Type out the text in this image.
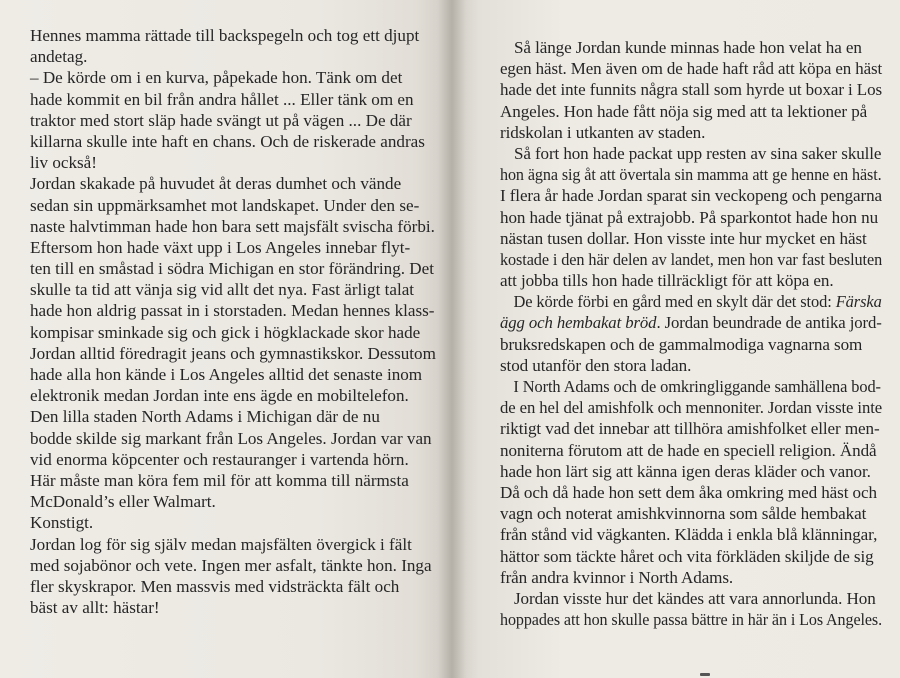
Hennes mamma rättade till backspegeln och tog ett djupt
andetag.
– De körde om i en kurva, påpekade hon. Tänk om det
hade kommit en bil från andra hållet ... Eller tänk om en
traktor med stort släp hade svängt ut på vägen ... De där
killarna skulle inte haft en chans. Och de riskerade andras
liv också!
Jordan skakade på huvudet åt deras dumhet och vände
sedan sin uppmärksamhet mot landskapet. Under den se-
naste halvtimman hade hon bara sett majsfält svischa förbi.
Eftersom hon hade växt upp i Los Angeles innebar flyt-
ten till en småstad i södra Michigan en stor förändring. Det
skulle ta tid att vänja sig vid allt det nya. Fast ärligt talat
hade hon aldrig passat in i storstaden. Medan hennes klass-
kompisar sminkade sig och gick i högklackade skor hade
Jordan alltid föredragit jeans och gymnastikskor. Dessutom
hade alla hon kände i Los Angeles alltid det senaste inom
elektronik medan Jordan inte ens ägde en mobiltelefon.
Den lilla staden North Adams i Michigan där de nu
bodde skilde sig markant från Los Angeles. Jordan var van
vid enorma köpcenter och restauranger i vartenda hörn.
Här måste man köra fem mil för att komma till närmsta
McDonald’s eller Walmart.
Konstigt.
Jordan log för sig själv medan majsfälten övergick i fält
med sojabönor och vete. Ingen mer asfalt, tänkte hon. Inga
fler skyskrapor. Men massvis med vidsträckta fält och
bäst av allt: hästar!
Så länge Jordan kunde minnas hade hon velat ha en
egen häst. Men även om de hade haft råd att köpa en häst
hade det inte funnits några stall som hyrde ut boxar i Los
Angeles. Hon hade fått nöja sig med att ta lektioner på
ridskolan i utkanten av staden.
Så fort hon hade packat upp resten av sina saker skulle
hon ägna sig åt att övertala sin mamma att ge henne en häst.
I flera år hade Jordan sparat sin veckopeng och pengarna
hon hade tjänat på extrajobb. På sparkontot hade hon nu
nästan tusen dollar. Hon visste inte hur mycket en häst
kostade i den här delen av landet, men hon var fast besluten
att jobba tills hon hade tillräckligt för att köpa en.
De körde förbi en gård med en skylt där det stod: Färska
ägg och hembakat bröd. Jordan beundrade de antika jord-
bruksredskapen och de gammalmodiga vagnarna som
stod utanför den stora ladan.
I North Adams och de omkringliggande samhällena bod-
de en hel del amishfolk och mennoniter. Jordan visste inte
riktigt vad det innebar att tillhöra amishfolket eller men-
noniterna förutom att de hade en speciell religion. Ändå
hade hon lärt sig att känna igen deras kläder och vanor.
Då och då hade hon sett dem åka omkring med häst och
vagn och noterat amishkvinnorna som sålde hembakat
från stånd vid vägkanten. Klädda i enkla blå klänningar,
hättor som täckte håret och vita förkläden skiljde de sig
från andra kvinnor i North Adams.
Jordan visste hur det kändes att vara annorlunda. Hon
hoppades att hon skulle passa bättre in här än i Los Angeles.
